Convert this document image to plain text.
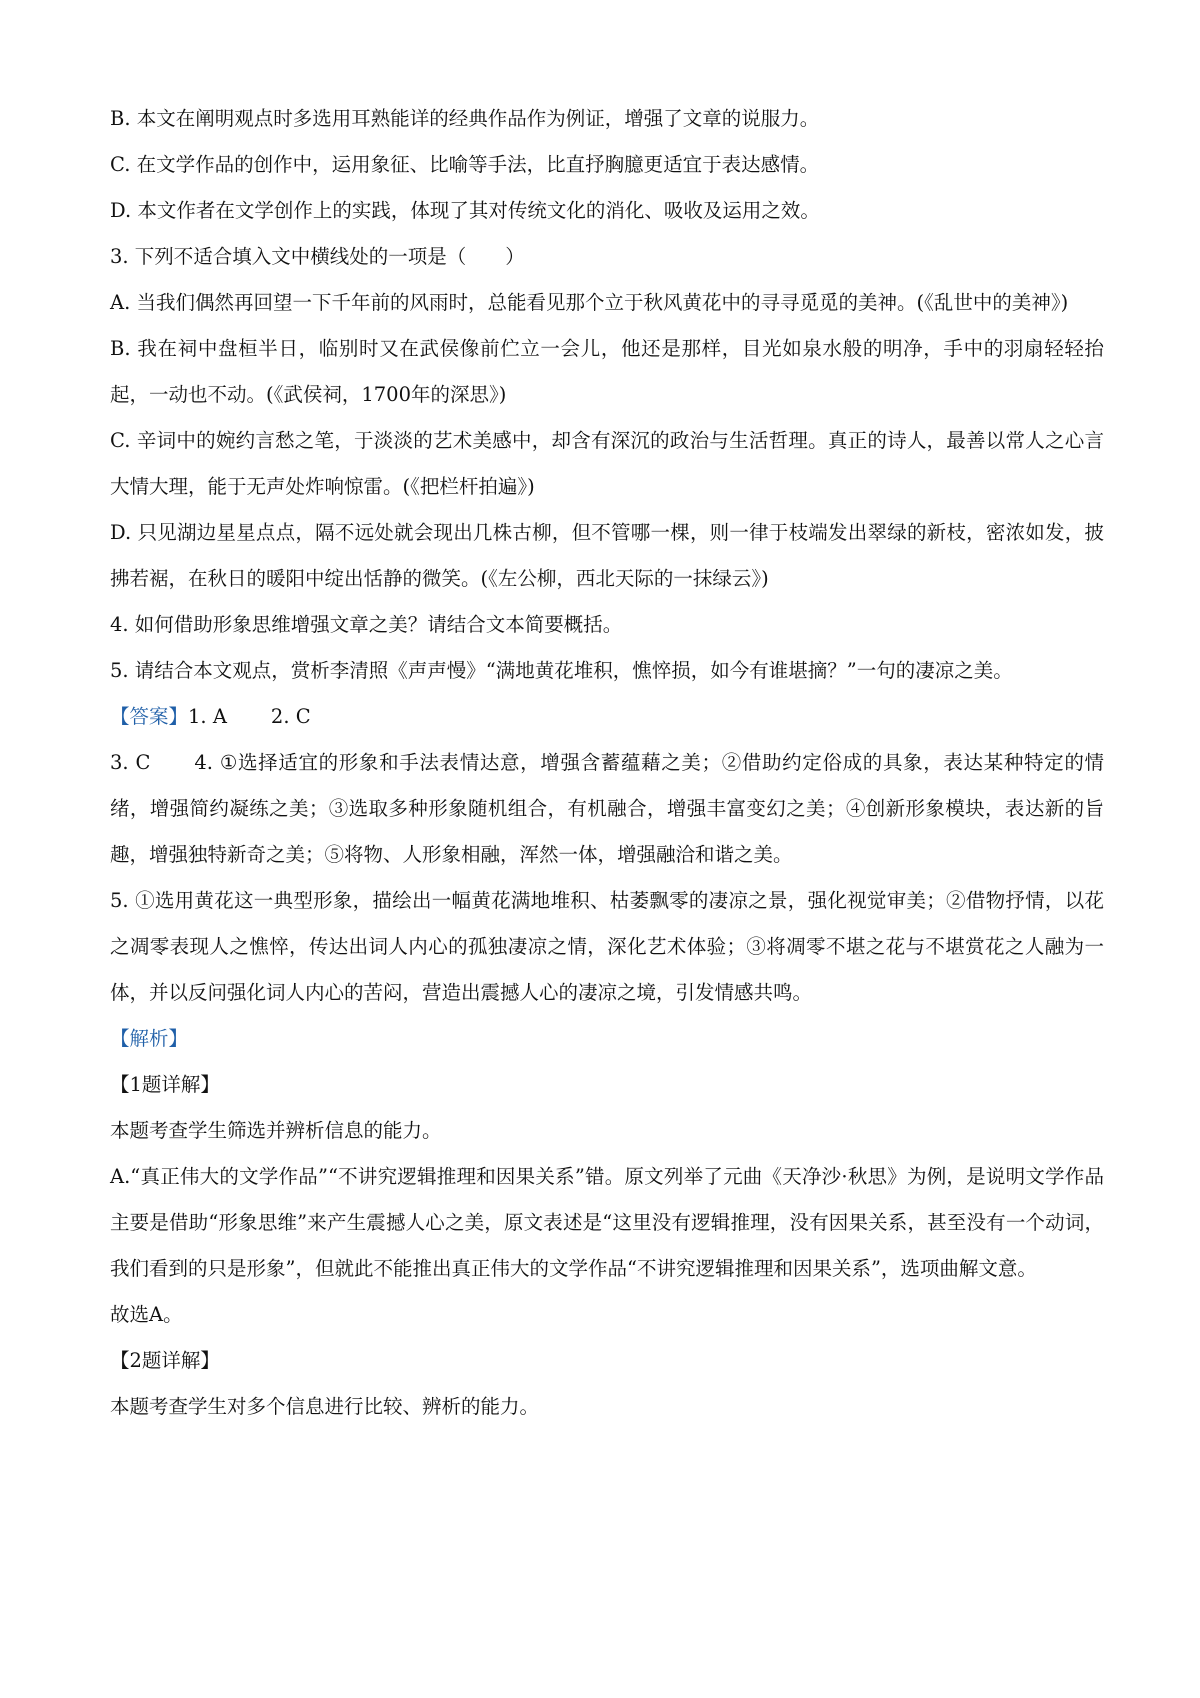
B. 本文在阐明观点时多选用耳熟能详的经典作品作为例证，增强了文章的说服力。

C. 在文学作品的创作中，运用象征、比喻等手法，比直抒胸臆更适宜于表达感情。

D. 本文作者在文学创作上的实践，体现了其对传统文化的消化、吸收及运用之效。

3. 下列不适合填入文中横线处的一项是（　　）

A. 当我们偶然再回望一下千年前的风雨时，总能看见那个立于秋风黄花中的寻寻觅觅的美神。(《乱世中的美神》)

B. 我在祠中盘桓半日，临别时又在武侯像前伫立一会儿，他还是那样，目光如泉水般的明净，手中的羽扇轻轻抬起，一动也不动。(《武侯祠，1700年的深思》)

C. 辛词中的婉约言愁之笔，于淡淡的艺术美感中，却含有深沉的政治与生活哲理。真正的诗人，最善以常人之心言大情大理，能于无声处炸响惊雷。(《把栏杆拍遍》)

D. 只见湖边星星点点，隔不远处就会现出几株古柳，但不管哪一棵，则一律于枝端发出翠绿的新枝，密浓如发，披拂若裾，在秋日的暖阳中绽出恬静的微笑。(《左公柳，西北天际的一抹绿云》)

4. 如何借助形象思维增强文章之美？请结合文本简要概括。

5. 请结合本文观点，赏析李清照《声声慢》“满地黄花堆积，憔悴损，如今有谁堪摘？”一句的凄凉之美。

【答案】1. A 2. C

3. C 4. ①选择适宜的形象和手法表情达意，增强含蓄蕴藉之美；②借助约定俗成的具象，表达某种特定的情绪，增强简约凝练之美；③选取多种形象随机组合，有机融合，增强丰富变幻之美；④创新形象模块，表达新的旨趣，增强独特新奇之美；⑤将物、人形象相融，浑然一体，增强融洽和谐之美。

5. ①选用黄花这一典型形象，描绘出一幅黄花满地堆积、枯萎飘零的凄凉之景，强化视觉审美；②借物抒情，以花之凋零表现人之憔悴，传达出词人内心的孤独凄凉之情，深化艺术体验；③将凋零不堪之花与不堪赏花之人融为一体，并以反问强化词人内心的苦闷，营造出震撼人心的凄凉之境，引发情感共鸣。

【解析】

【1题详解】

本题考查学生筛选并辨析信息的能力。

A.“真正伟大的文学作品”“不讲究逻辑推理和因果关系”错。原文列举了元曲《天净沙·秋思》为例，是说明文学作品主要是借助“形象思维”来产生震撼人心之美，原文表述是“这里没有逻辑推理，没有因果关系，甚至没有一个动词，我们看到的只是形象”，但就此不能推出真正伟大的文学作品“不讲究逻辑推理和因果关系”，选项曲解文意。

故选A。

【2题详解】

本题考查学生对多个信息进行比较、辨析的能力。
